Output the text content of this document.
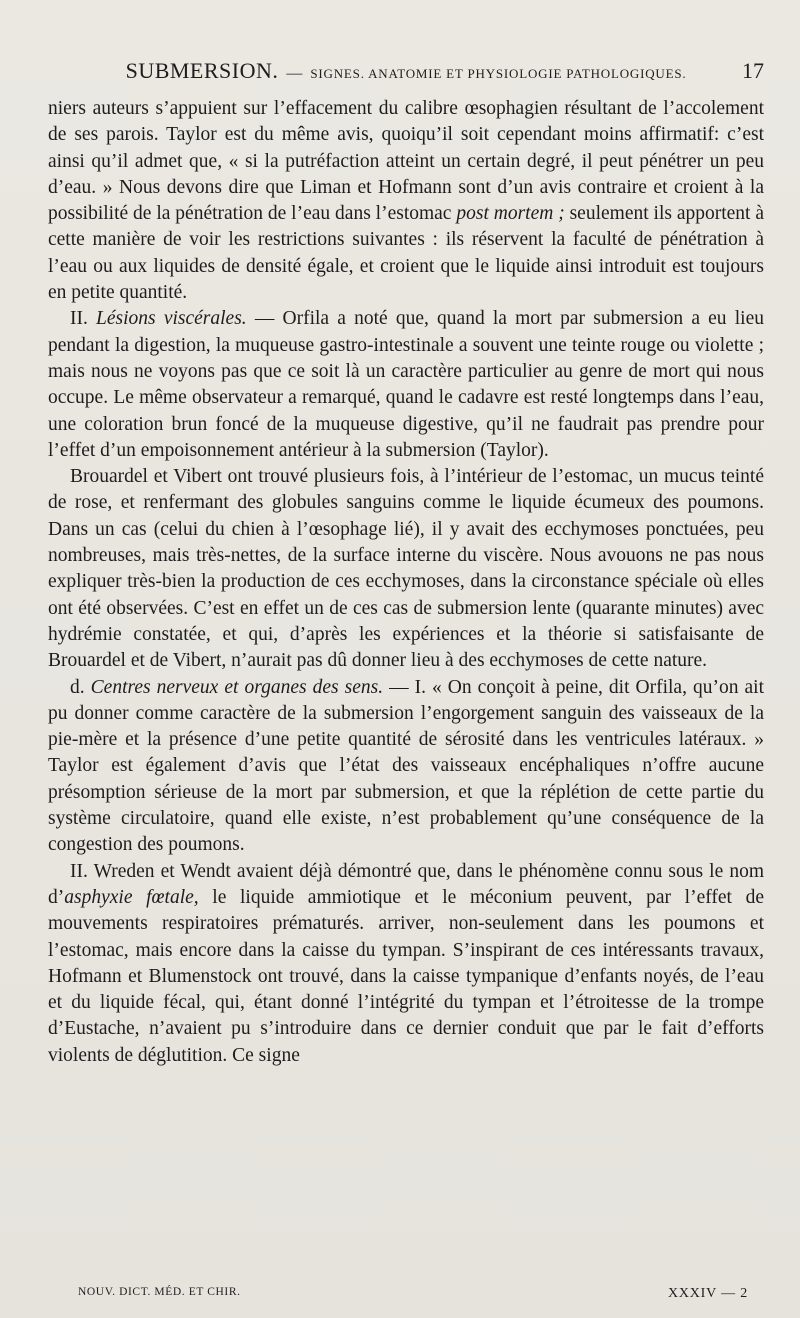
SUBMERSION. — SIGNES. ANATOMIE ET PHYSIOLOGIE PATHOLOGIQUES.	17

niers auteurs s’appuient sur l’effacement du calibre œsophagien résultant de l’accolement de ses parois. Taylor est du même avis, quoiqu’il soit cependant moins affirmatif: c’est ainsi qu’il admet que, « si la putréfaction atteint un certain degré, il peut pénétrer un peu d’eau. » Nous devons dire que Liman et Hofmann sont d’un avis contraire et croient à la possibilité de la pénétration de l’eau dans l’estomac post mortem ; seulement ils apportent à cette manière de voir les restrictions suivantes : ils réservent la faculté de pénétration à l’eau ou aux liquides de densité égale, et croient que le liquide ainsi introduit est toujours en petite quantité.

II. Lésions viscérales. — Orfila a noté que, quand la mort par submersion a eu lieu pendant la digestion, la muqueuse gastro-intestinale a souvent une teinte rouge ou violette ; mais nous ne voyons pas que ce soit là un caractère particulier au genre de mort qui nous occupe. Le même observateur a remarqué, quand le cadavre est resté longtemps dans l’eau, une coloration brun foncé de la muqueuse digestive, qu’il ne faudrait pas prendre pour l’effet d’un empoisonnement antérieur à la submersion (Taylor).

Brouardel et Vibert ont trouvé plusieurs fois, à l’intérieur de l’estomac, un mucus teinté de rose, et renfermant des globules sanguins comme le liquide écumeux des poumons. Dans un cas (celui du chien à l’œsophage lié), il y avait des ecchymoses ponctuées, peu nombreuses, mais très-nettes, de la surface interne du viscère. Nous avouons ne pas nous expliquer très-bien la production de ces ecchymoses, dans la circonstance spéciale où elles ont été observées. C’est en effet un de ces cas de submersion lente (quarante minutes) avec hydrémie constatée, et qui, d’après les expériences et la théorie si satisfaisante de Brouardel et de Vibert, n’aurait pas dû donner lieu à des ecchymoses de cette nature.

d. Centres nerveux et organes des sens. — I. « On conçoit à peine, dit Orfila, qu’on ait pu donner comme caractère de la submersion l’engorgement sanguin des vaisseaux de la pie-mère et la présence d’une petite quantité de sérosité dans les ventricules latéraux. » Taylor est également d’avis que l’état des vaisseaux encéphaliques n’offre aucune présomption sérieuse de la mort par submersion, et que la réplétion de cette partie du système circulatoire, quand elle existe, n’est probablement qu’une conséquence de la congestion des poumons.

II. Wreden et Wendt avaient déjà démontré que, dans le phénomène connu sous le nom d’asphyxie fœtale, le liquide ammiotique et le méconium peuvent, par l’effet de mouvements respiratoires prématurés. arriver, non-seulement dans les poumons et l’estomac, mais encore dans la caisse du tympan. S’inspirant de ces intéressants travaux, Hofmann et Blumenstock ont trouvé, dans la caisse tympanique d’enfants noyés, de l’eau et du liquide fécal, qui, étant donné l’intégrité du tympan et l’étroitesse de la trompe d’Eustache, n’avaient pu s’introduire dans ce dernier conduit que par le fait d’efforts violents de déglutition. Ce signe

NOUV. DICT. MÉD. ET CHIR.	XXXIV — 2
